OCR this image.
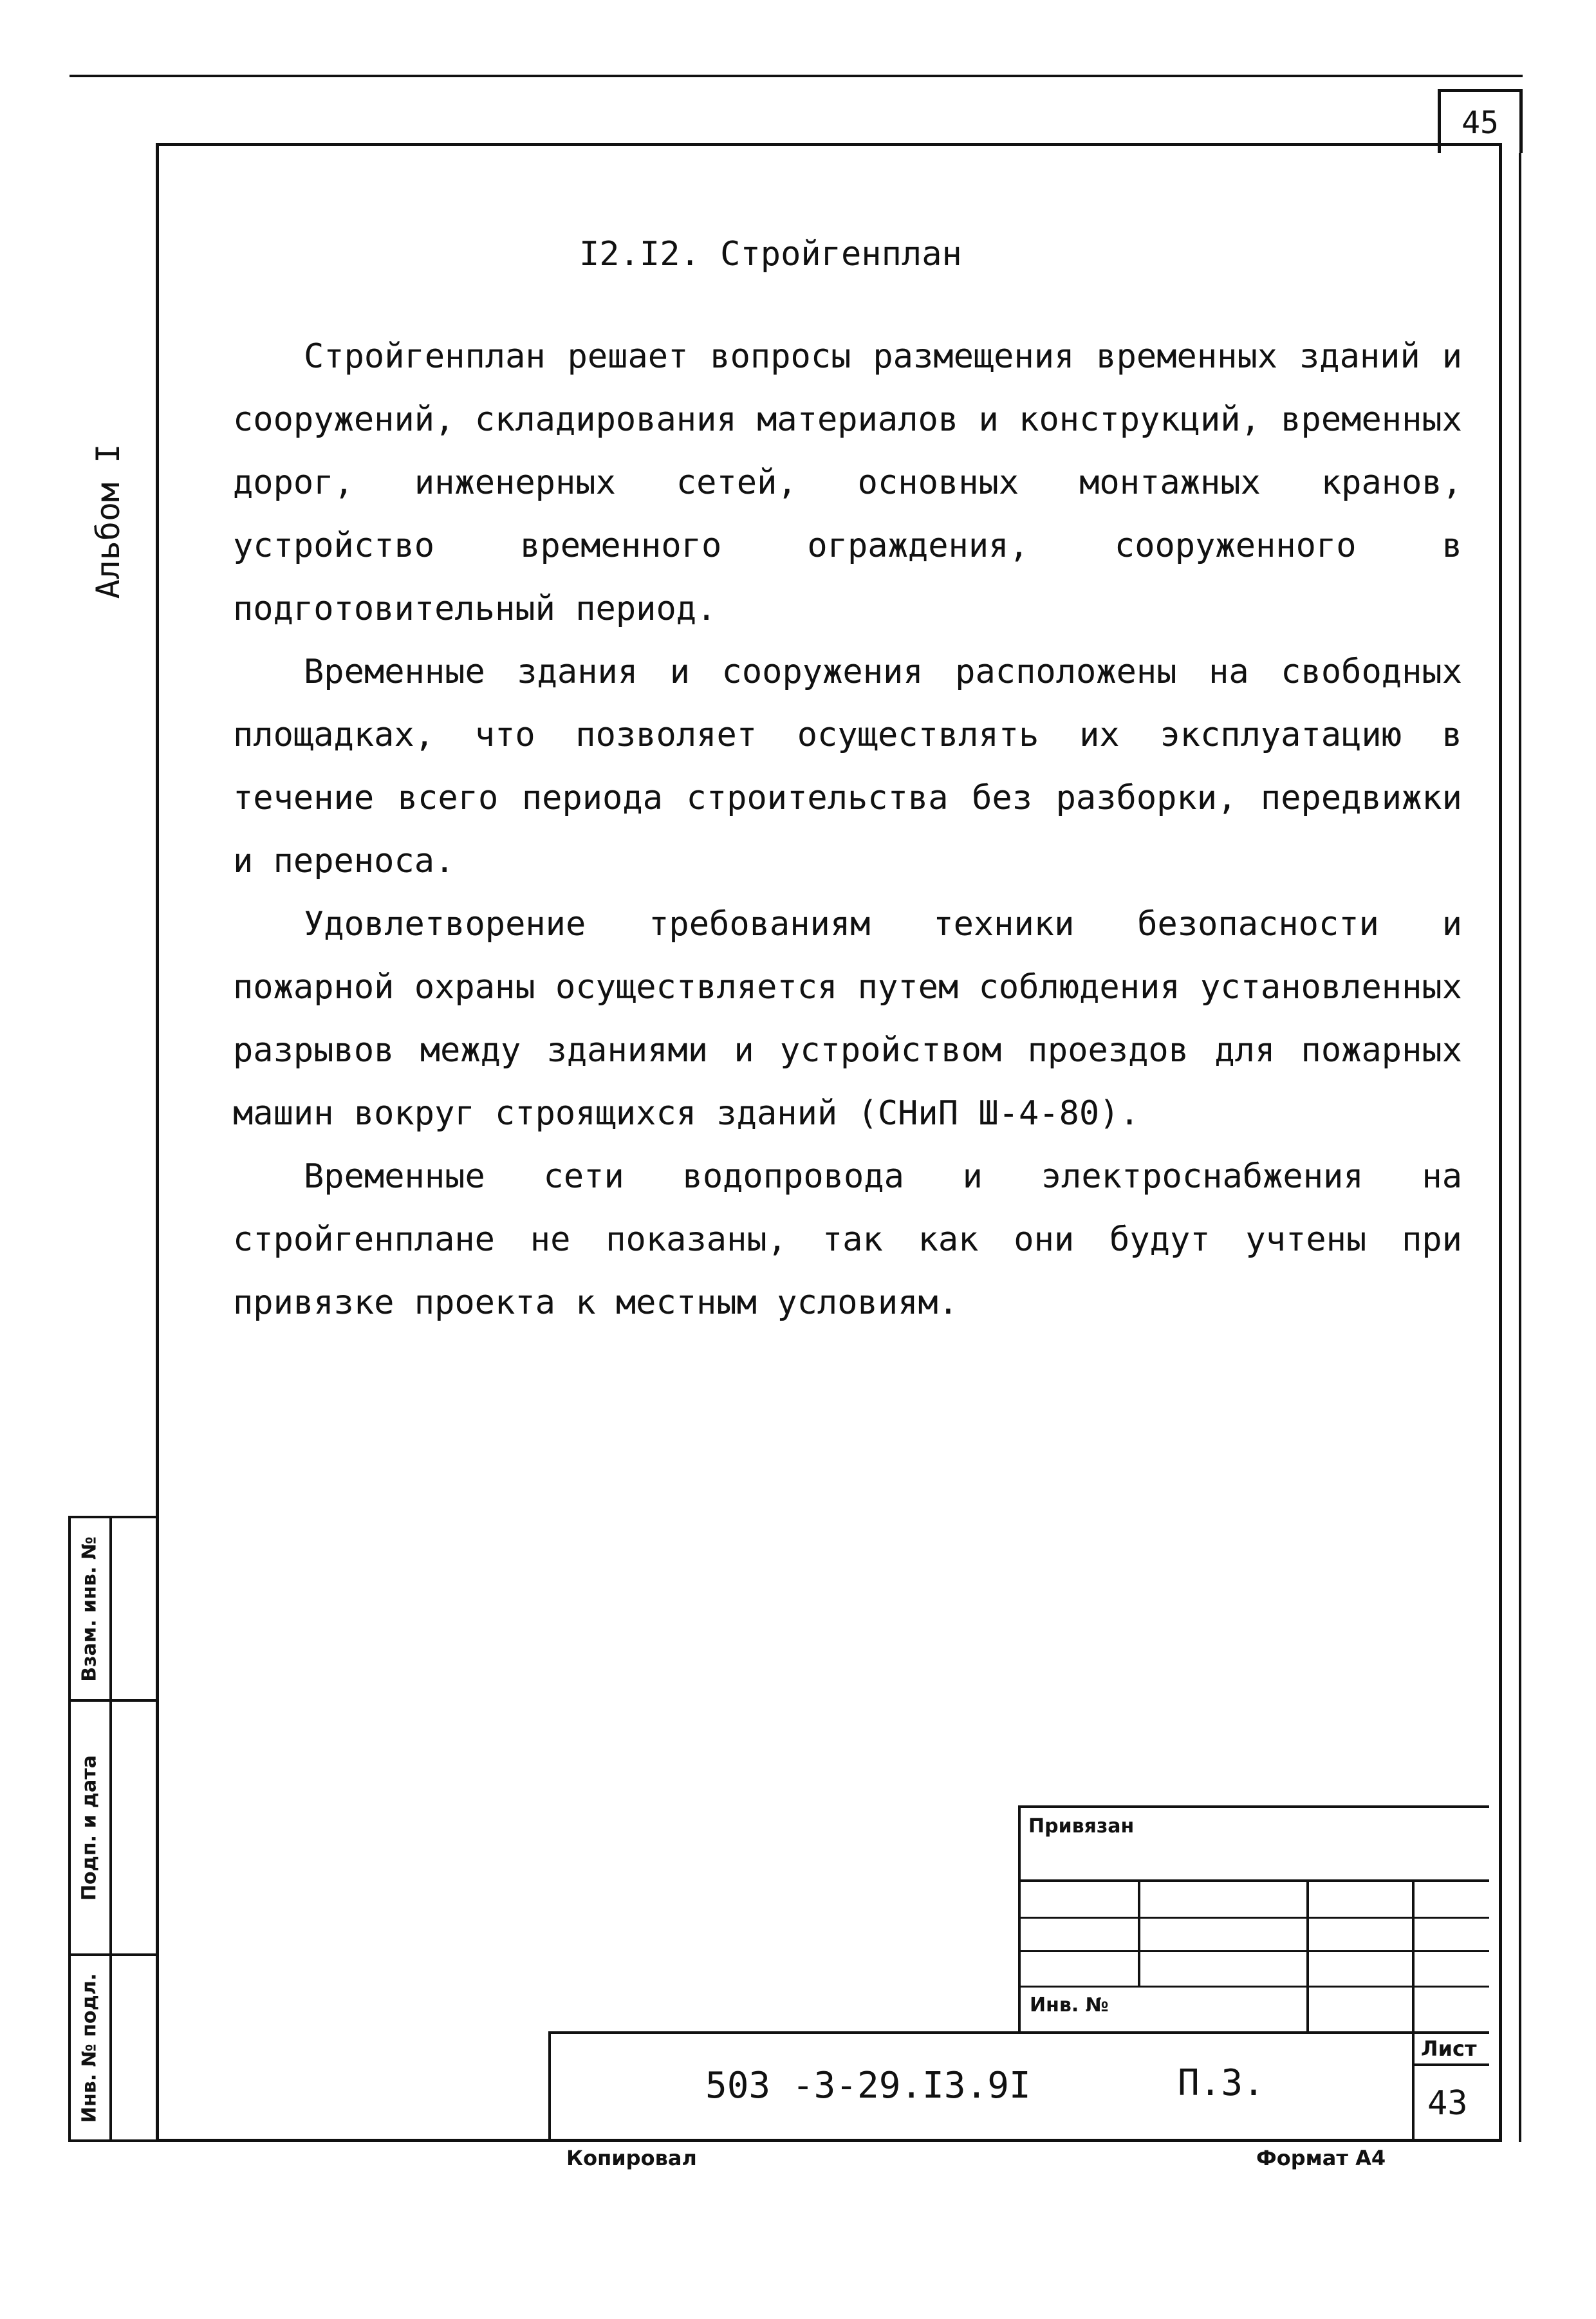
45
Альбом I
I2.I2. Стройгенплан

Стройгенплан решает вопросы размещения временных зданий и сооружений, складирования материалов и конструкций, временных дорог, инженерных сетей, основных монтажных кранов, устройство временного ограждения, сооруженного в подготовительный период.

Временные здания и сооружения расположены на свободных площадках, что позволяет осуществлять их эксплуатацию в течение всего периода строительства без разборки, передвижки и переноса.

Удовлетворение требованиям техники безопасности и пожарной охраны осуществляется путем соблюдения установленных разрывов между зданиями и устройством проездов для пожарных машин вокруг строящихся зданий (СНиП Ш-4-80).

Временные сети водопровода и электроснабжения на стройгенплане не показаны, так как они будут учтены при привязке проекта к местным условиям.

Взам. инв. №
Подп. и дата
Инв. № подл.
Привязан
Инв. №
503 -3-29.I3.9I	П.3.
Лист
43
Копировал	Формат А4
